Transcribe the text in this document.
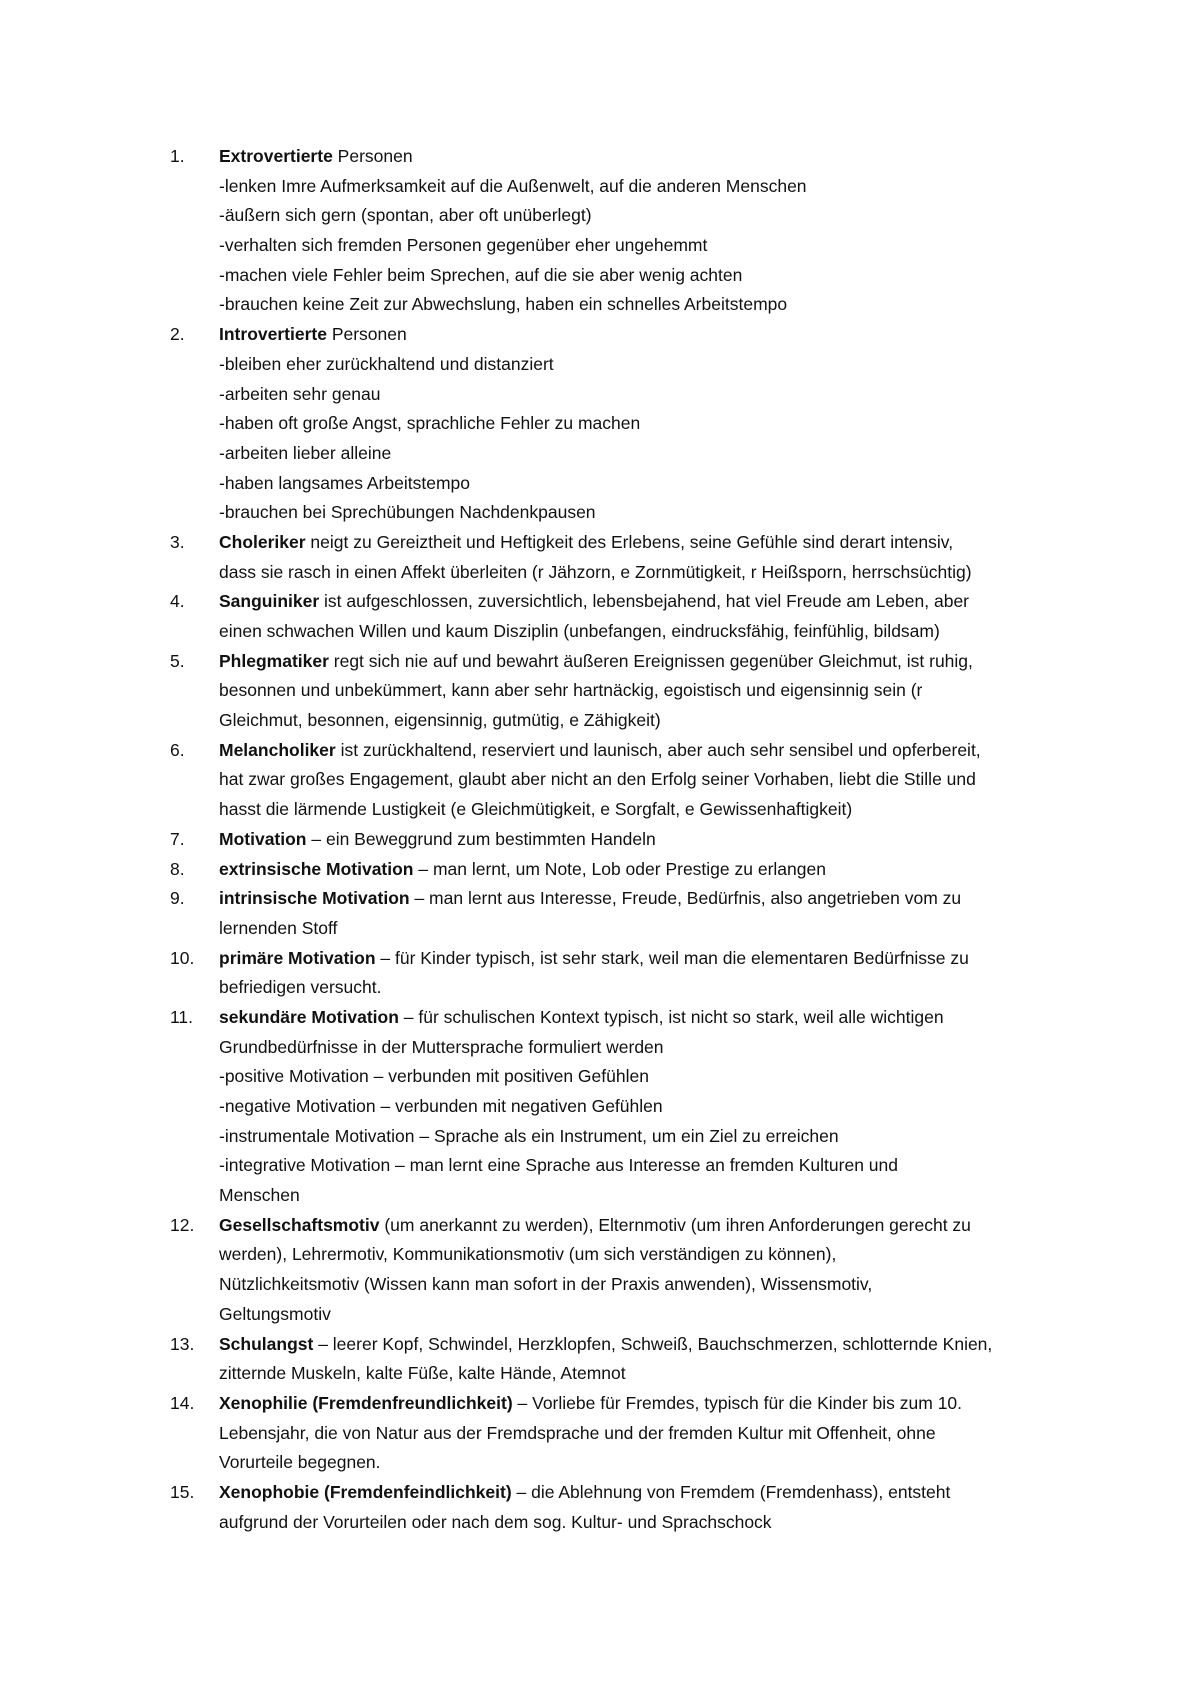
1.	Extrovertierte Personen
-lenken Imre Aufmerksamkeit auf die Außenwelt, auf die anderen Menschen
-äußern sich gern (spontan, aber oft unüberlegt)
-verhalten sich fremden Personen gegenüber eher ungehemmt
-machen viele Fehler beim Sprechen, auf die sie aber wenig achten
-brauchen keine Zeit zur Abwechslung, haben ein schnelles Arbeitstempo
2.	Introvertierte Personen
-bleiben eher zurückhaltend und distanziert
-arbeiten sehr genau
-haben oft große Angst, sprachliche Fehler zu machen
-arbeiten lieber alleine
-haben langsames Arbeitstempo
-brauchen bei Sprechübungen Nachdenkpausen
3.	Choleriker neigt zu Gereiztheit und Heftigkeit des Erlebens, seine Gefühle sind derart intensiv,
dass sie rasch in einen Affekt überleiten (r Jähzorn, e Zornmütigkeit, r Heißsporn, herrschsüchtig)
4.	Sanguiniker ist aufgeschlossen, zuversichtlich, lebensbejahend, hat viel Freude am Leben, aber
einen schwachen Willen und kaum Disziplin (unbefangen, eindrucksfähig, feinfühlig, bildsam)
5.	Phlegmatiker regt sich nie auf und bewahrt äußeren Ereignissen gegenüber Gleichmut, ist ruhig,
besonnen und unbekümmert, kann aber sehr hartnäckig, egoistisch und eigensinnig sein (r
Gleichmut, besonnen, eigensinnig, gutmütig, e Zähigkeit)
6.	Melancholiker ist zurückhaltend, reserviert und launisch, aber auch sehr sensibel und opferbereit,
hat zwar großes Engagement, glaubt aber nicht an den Erfolg seiner Vorhaben, liebt die Stille und
hasst die lärmende Lustigkeit (e Gleichmütigkeit, e Sorgfalt, e Gewissenhaftigkeit)
7.	Motivation – ein Beweggrund zum bestimmten Handeln
8.	extrinsische Motivation – man lernt, um Note, Lob oder Prestige zu erlangen
9.	intrinsische Motivation – man lernt aus Interesse, Freude, Bedürfnis, also angetrieben vom zu
lernenden Stoff
10.	primäre Motivation – für Kinder typisch, ist sehr stark, weil man die elementaren Bedürfnisse zu
befriedigen versucht.
11.	sekundäre Motivation – für schulischen Kontext typisch, ist nicht so stark, weil alle wichtigen
Grundbedürfnisse in der Muttersprache formuliert werden
-positive Motivation – verbunden mit positiven Gefühlen
-negative Motivation – verbunden mit negativen Gefühlen
-instrumentale Motivation – Sprache als ein Instrument, um ein Ziel zu erreichen
-integrative Motivation – man lernt eine Sprache aus Interesse an fremden Kulturen und
Menschen
12.	Gesellschaftsmotiv (um anerkannt zu werden), Elternmotiv (um ihren Anforderungen gerecht zu
werden), Lehrermotiv, Kommunikationsmotiv (um sich verständigen zu können),
Nützlichkeitsmotiv (Wissen kann man sofort in der Praxis anwenden), Wissensmotiv,
Geltungsmotiv
13.	Schulangst – leerer Kopf, Schwindel, Herzklopfen, Schweiß, Bauchschmerzen, schlotternde Knien,
zitternde Muskeln, kalte Füße, kalte Hände, Atemnot
14.	Xenophilie (Fremdenfreundlichkeit) – Vorliebe für Fremdes, typisch für die Kinder bis zum 10.
Lebensjahr, die von Natur aus der Fremdsprache und der fremden Kultur mit Offenheit, ohne
Vorurteile begegnen.
15.	Xenophobie (Fremdenfeindlichkeit) – die Ablehnung von Fremdem (Fremdenhass), entsteht
aufgrund der Vorurteilen oder nach dem sog. Kultur- und Sprachschock
